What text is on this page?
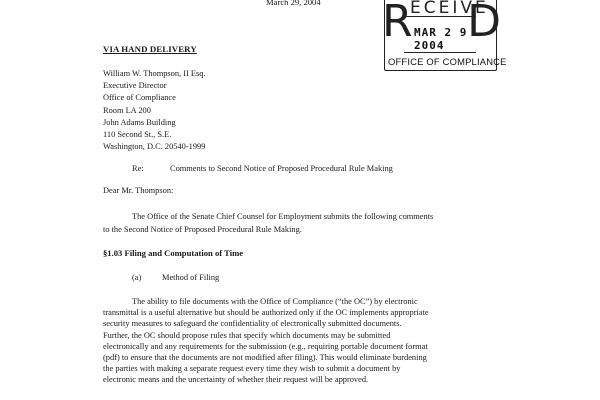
March 29, 2004 R
ECEIVE
D
MAR 2 9 2004
OFFICE OF COMPLIANCE
VIA HAND DELIVERY
William W. Thompson, II Esq.
Executive Director
Office of Compliance
Room LA 200
John Adams Building
110 Second St., S.E.
Washington, D.C. 20540-1999
Re:	Comments to Second Notice of Proposed Procedural Rule Making
Dear Mr. Thompson:
The Office of the Senate Chief Counsel for Employment submits the following comments
to the Second Notice of Proposed Procedural Rule Making.
§1.03 Filing and Computation of Time
(a) Method of Filing
The ability to file documents with the Office of Compliance (“the OC”) by electronic
transmittal is a useful alternative but should be authorized only if the OC implements appropriate
security measures to safeguard the confidentiality of electronically submitted documents.
Further, the OC should propose rules that specify which documents may be submitted
electronically and any requirements for the submission (e.g., requiring portable document format
(pdf) to ensure that the documents are not modified after filing). This would eliminate burdening
the parties with making a separate request every time they wish to submit a document by
electronic means and the uncertainty of whether their request will be approved.
